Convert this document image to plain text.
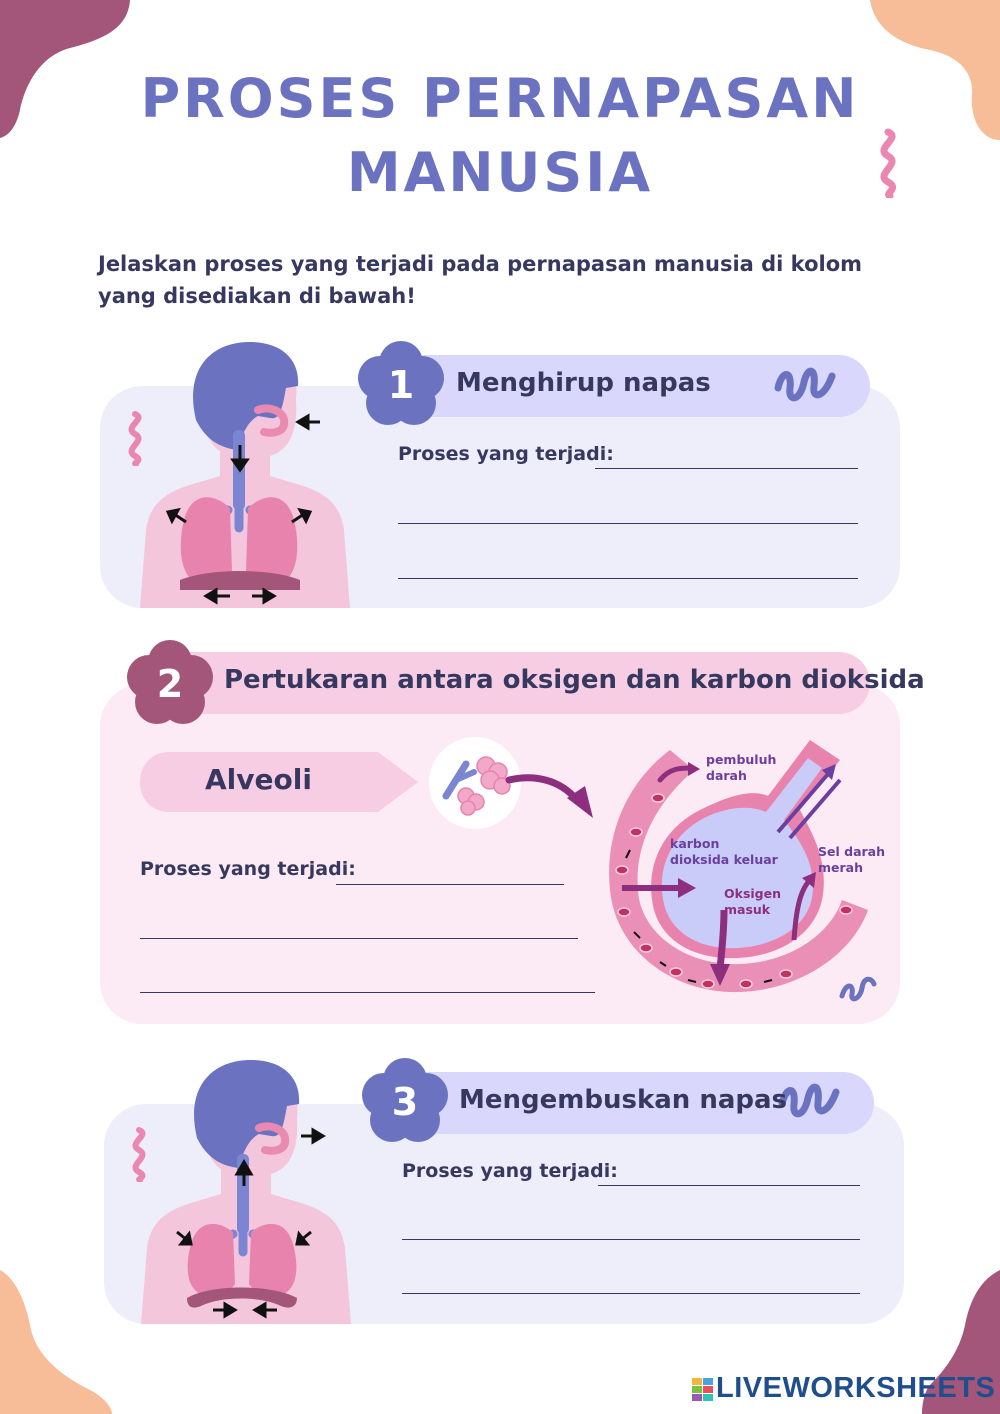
PROSES PERNAPASAN
MANUSIA
Jelaskan proses yang terjadi pada pernapasan manusia di kolom yang disediakan di bawah!
1	Menghirup napas
Proses yang terjadi:
2	Pertukaran antara oksigen dan karbon dioksida
Alveoli
pembuluh darah
karbon dioksida keluar
Oksigen masuk
Sel darah merah
Proses yang terjadi:
3	Mengembuskan napas
Proses yang terjadi:
LIVEWORKSHEETS
